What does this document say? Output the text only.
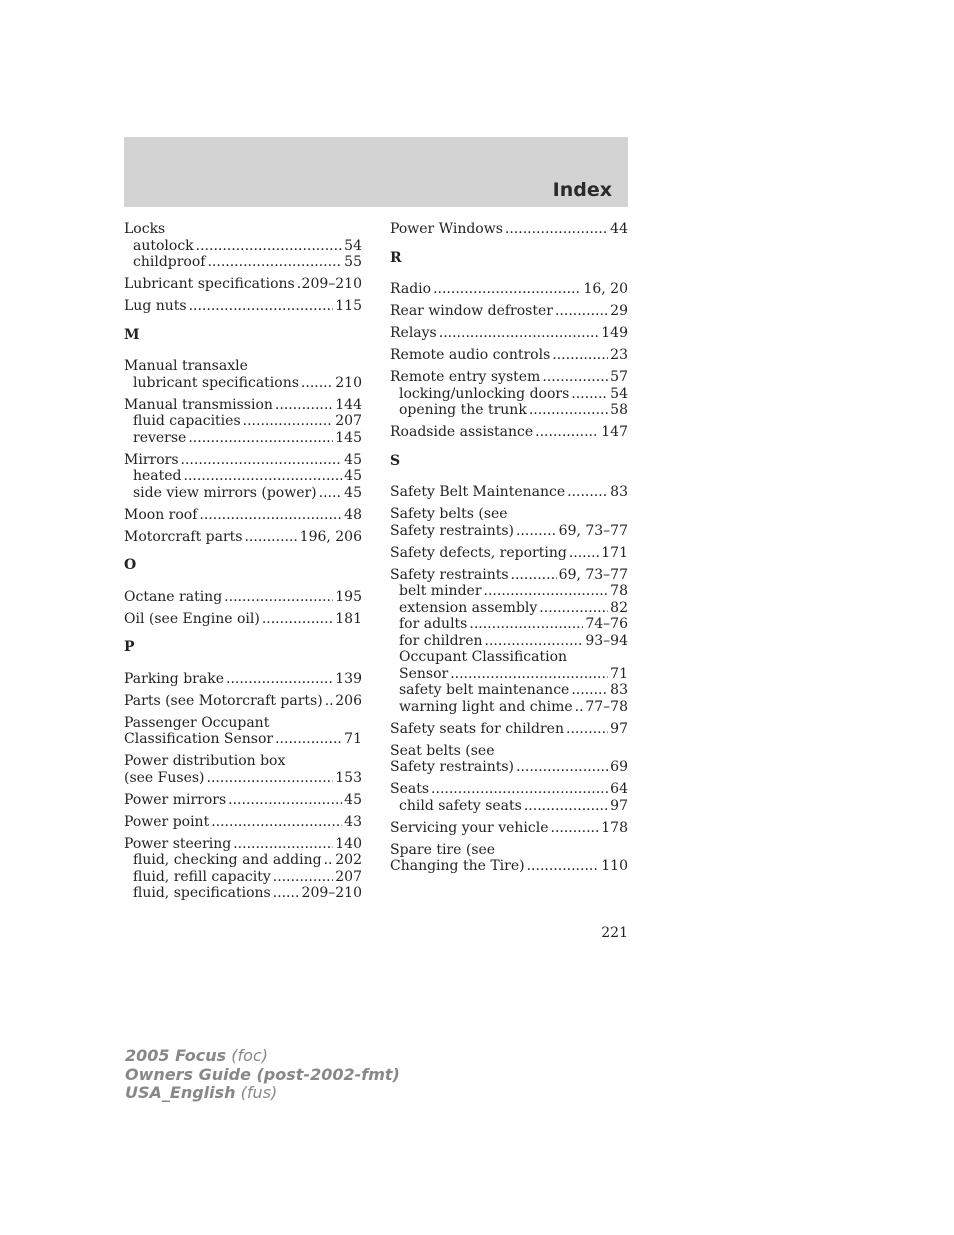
Index
Locks
autolock .....	54
childproof .....	55
Lubricant specifications ..... 209–210
Lug nuts .....	115
M
Manual transaxle
lubricant specifications .....	210
Manual transmission .....	144
fluid capacities .....	207
reverse .....	145
Mirrors .....	45
heated .....	45
side view mirrors (power) ..... 45
Moon roof .....	48
Motorcraft parts .....	196, 206
O
Octane rating .....	195
Oil (see Engine oil) .....	181
P
Parking brake .....	139
Parts (see Motorcraft parts) ..... 206
Passenger Occupant
Classification Sensor .....	71
Power distribution box
(see Fuses) .....	153
Power mirrors .....	45
Power point .....	43
Power steering .....	140
fluid, checking and adding ..... 202
fluid, refill capacity .....	207
fluid, specifications ..... 209–210
Power Windows .....	44
R
Radio .....	16, 20
Rear window defroster .....	29
Relays .....	149
Remote audio controls .....	23
Remote entry system .....	57
locking/unlocking doors .....	54
opening the trunk .....	58
Roadside assistance .....	147
S
Safety Belt Maintenance .....	83
Safety belts (see
Safety restraints) .....	69, 73–77
Safety defects, reporting ..... 171
Safety restraints .....	69, 73–77
belt minder .....	78
extension assembly .....	82
for adults .....	74–76
for children .....	93–94
Occupant Classification
Sensor .....	71
safety belt maintenance .....	83
warning light and chime ..... 77–78
Safety seats for children .....	97
Seat belts (see
Safety restraints) .....	69
Seats .....	64
child safety seats .....	97
Servicing your vehicle .....	178
Spare tire (see
Changing the Tire) .....	110
221
2005 Focus (foc)
Owners Guide (post-2002-fmt)
USA_English (fus)
